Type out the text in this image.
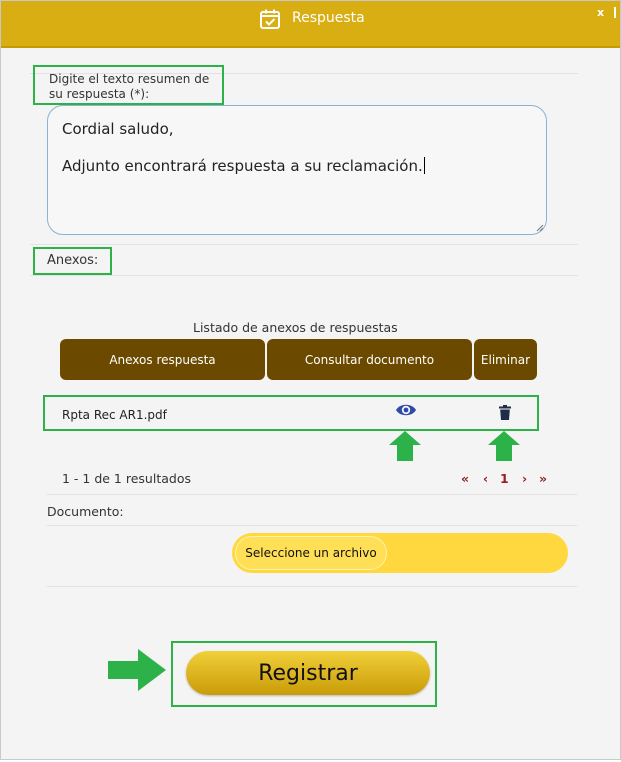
Respuesta	x
Digite el texto resumen de su respuesta (*):

Cordial saludo,

Adjunto encontrará respuesta a su reclamación.

Anexos:
Listado de anexos de respuestas
Anexos respuesta	Consultar documento	Eliminar
Rpta Rec AR1.pdf
1 - 1 de 1 resultados	« ‹ 1 › »
Documento:
Seleccione un archivo
Registrar
